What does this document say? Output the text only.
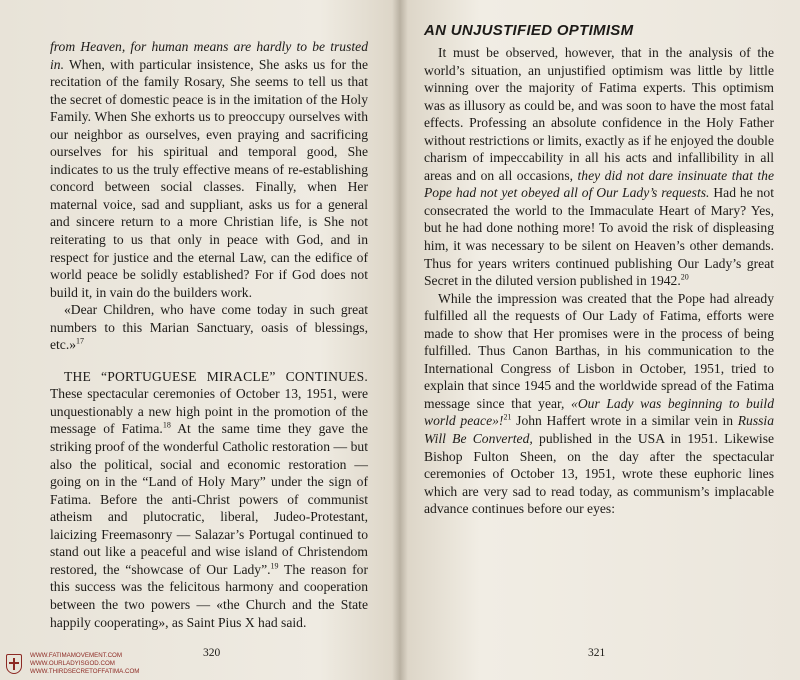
from Heaven, for human means are hardly to be trusted in. When, with particular insistence, She asks us for the recitation of the family Rosary, She seems to tell us that the secret of domestic peace is in the imitation of the Holy Family. When She exhorts us to preoccupy ourselves with our neighbor as ourselves, even praying and sacrificing ourselves for his spiritual and temporal good, She indicates to us the truly effective means of re-establishing concord between social classes. Finally, when Her maternal voice, sad and suppliant, asks us for a general and sincere return to a more Christian life, is She not reiterating to us that only in peace with God, and in respect for justice and the eternal Law, can the edifice of world peace be solidly established? For if God does not build it, in vain do the builders work.

«Dear Children, who have come today in such great numbers to this Marian Sanctuary, oasis of blessings, etc.»$^{17}$

THE “PORTUGUESE MIRACLE” CONTINUES. These spectacular ceremonies of October 13, 1951, were unquestionably a new high point in the promotion of the message of Fatima.$^{18}$ At the same time they gave the striking proof of the wonderful Catholic restoration — but also the political, social and economic restoration — going on in the “Land of Holy Mary” under the sign of Fatima. Before the anti-Christ powers of communist atheism and plutocratic, liberal, Judeo-Protestant, laicizing Freemasonry — Salazar’s Portugal continued to stand out like a peaceful and wise island of Christendom restored, the “showcase of Our Lady”.$^{19}$ The reason for this success was the felicitous harmony and cooperation between the two powers — «the Church and the State happily cooperating», as Saint Pius X had said.

320
AN UNJUSTIFIED OPTIMISM

It must be observed, however, that in the analysis of the world’s situation, an unjustified optimism was little by little winning over the majority of Fatima experts. This optimism was as illusory as could be, and was soon to have the most fatal effects. Professing an absolute confidence in the Holy Father without restrictions or limits, exactly as if he enjoyed the double charism of impeccability in all his acts and infallibility in all areas and on all occasions, they did not dare insinuate that the Pope had not yet obeyed all of Our Lady’s requests. Had he not consecrated the world to the Immaculate Heart of Mary? Yes, but he had done nothing more! To avoid the risk of displeasing him, it was necessary to be silent on Heaven’s other demands. Thus for years writers continued publishing Our Lady’s great Secret in the diluted version published in 1942.20

While the impression was created that the Pope had already fulfilled all the requests of Our Lady of Fatima, efforts were made to show that Her promises were in the process of being fulfilled. Thus Canon Barthas, in his communication to the International Congress of Lisbon in October, 1951, tried to explain that since 1945 and the worldwide spread of the Fatima message since that year, «Our Lady was beginning to build world peace»!$^{21}$ John Haffert wrote in a similar vein in Russia Will Be Converted, published in the USA in 1951. Likewise Bishop Fulton Sheen, on the day after the spectacular ceremonies of October 13, 1951, wrote these euphoric lines which are very sad to read today, as communism’s implacable advance continues before our eyes:

321
WWW.FATIMAMOVEMENT.COM
WWW.OURLADYISGOD.COM
WWW.THIRDSECRETOFFATIMA.COM
